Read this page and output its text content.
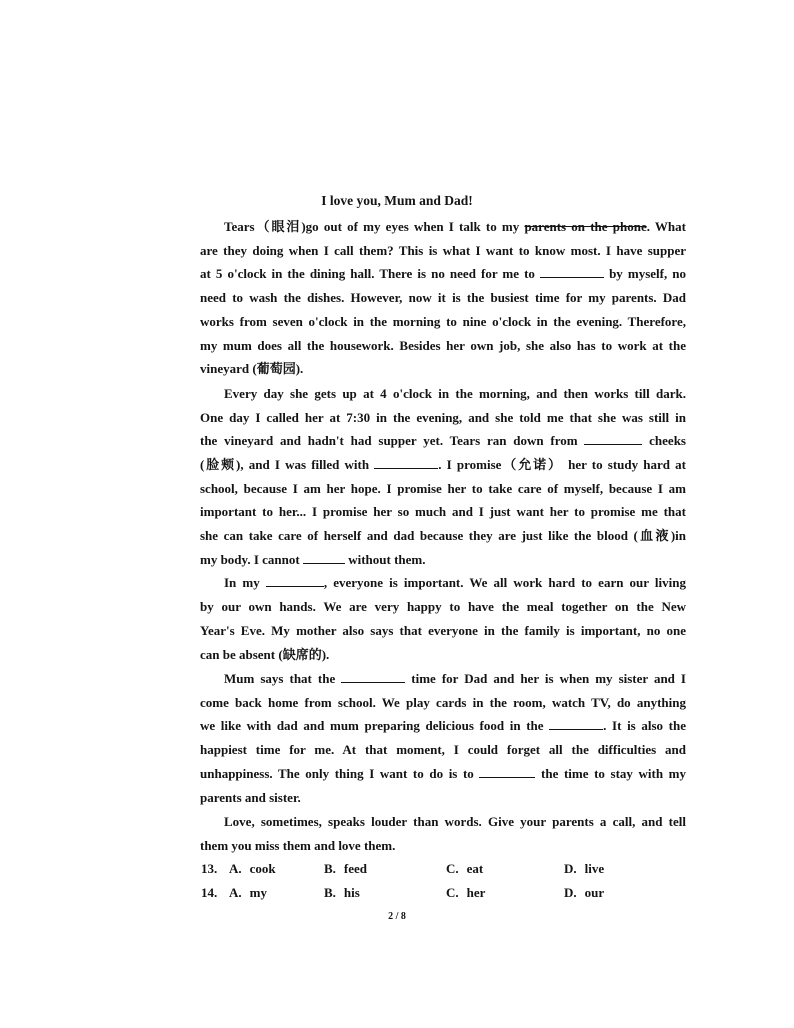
I love you, Mum and Dad!
Tears（眼泪)go out of my eyes when I talk to my parents on the phone. What
are they doing when I call them? This is what I want to know most. I have supper
at 5 o'clock in the dining hall. There is no need for me to	by myself, no
need to wash the dishes. However, now it is the busiest time for my parents. Dad
works from seven o'clock in the morning to nine o'clock in the evening. Therefore,
my mum does all the housework. Besides her own job, she also has to work at the
vineyard (葡萄园).
Every day she gets up at 4 o'clock in the morning, and then works till dark.
One day I called her at 7:30 in the evening, and she told me that she was still in
the vineyard and hadn't had supper yet. Tears ran down from	cheeks
(脸颊), and I was filled with	. I promise（允诺） her to study hard at
school, because I am her hope. I promise her to take care of myself, because I am
important to her... I promise her so much and I just want her to promise me that
she can take care of herself and dad because they are just like the blood (血液)in
my body. I cannot	without them.
In my	, everyone is important. We all work hard to earn our living
by our own hands. We are very happy to have the meal together on the New
Year's Eve. My mother also says that everyone in the family is important, no one
can be absent (缺席的).
Mum says that the	time for Dad and her is when my sister and I
come back home from school. We play cards in the room, watch TV, do anything
we like with dad and mum preparing delicious food in the	. It is also the
happiest time for me. At that moment, I could forget all the difficulties and
unhappiness. The only thing I want to do is to	the time to stay with my
parents and sister.
Love, sometimes, speaks louder than words. Give your parents a call, and tell
them you miss them and love them.
13. A. cook	B. feed	C. eat	D. live
14. A. my	B. his	C. her	D. our
2 / 8
